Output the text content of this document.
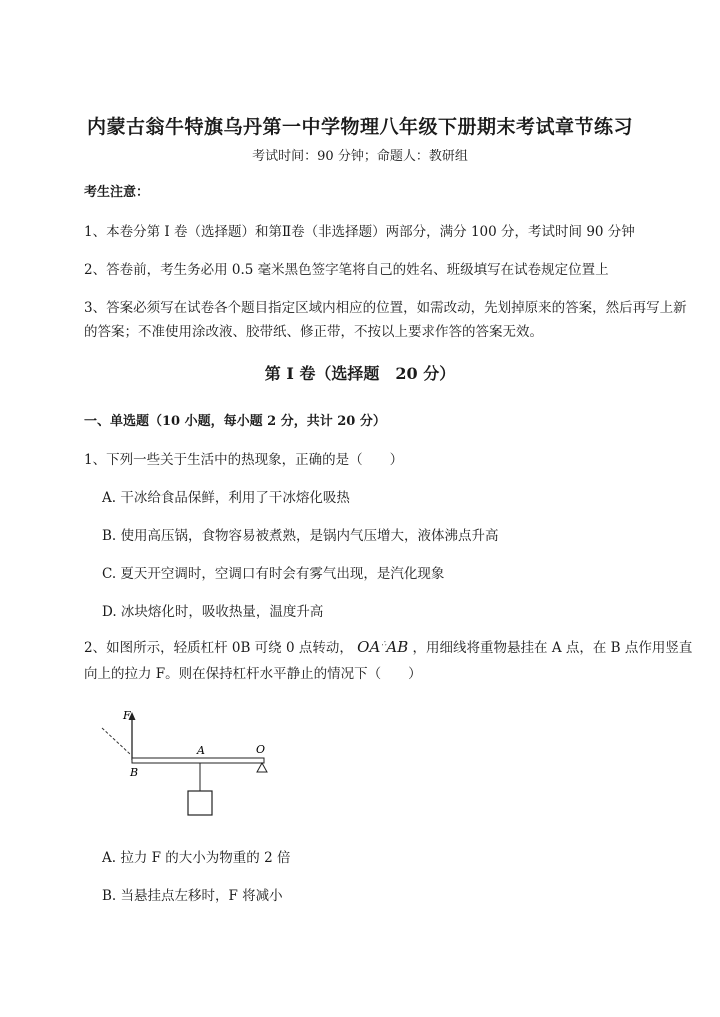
内蒙古翁牛特旗乌丹第一中学物理八年级下册期末考试章节练习
考试时间：90 分钟；命题人：教研组
考生注意：
1、本卷分第 I 卷（选择题）和第Ⅱ卷（非选择题）两部分，满分 100 分，考试时间 90 分钟
2、答卷前，考生务必用 0.5 毫米黑色签字笔将自己的姓名、班级填写在试卷规定位置上
3、答案必须写在试卷各个题目指定区域内相应的位置，如需改动，先划掉原来的答案，然后再写上新
的答案；不准使用涂改液、胶带纸、修正带，不按以上要求作答的答案无效。
第 I 卷（选择题　20 分）
一、单选题（10 小题，每小题 2 分，共计 20 分）
1、下列一些关于生活中的热现象，正确的是（　　）
A. 干冰给食品保鲜，利用了干冰熔化吸热
B. 使用高压锅，食物容易被煮熟，是锅内气压增大，液体沸点升高
C. 夏天开空调时，空调口有时会有雾气出现，是汽化现象
D. 冰块熔化时，吸收热量，温度升高
2、如图所示，轻质杠杆 0B 可绕 0 点转动， OA∴AB ，用细线将重物悬挂在 A 点，在 B 点作用竖直
向上的拉力 F。则在保持杠杆水平静止的情况下（　　）
F
B
A	O
A. 拉力 F 的大小为物重的 2 倍
B. 当悬挂点左移时，F 将减小
